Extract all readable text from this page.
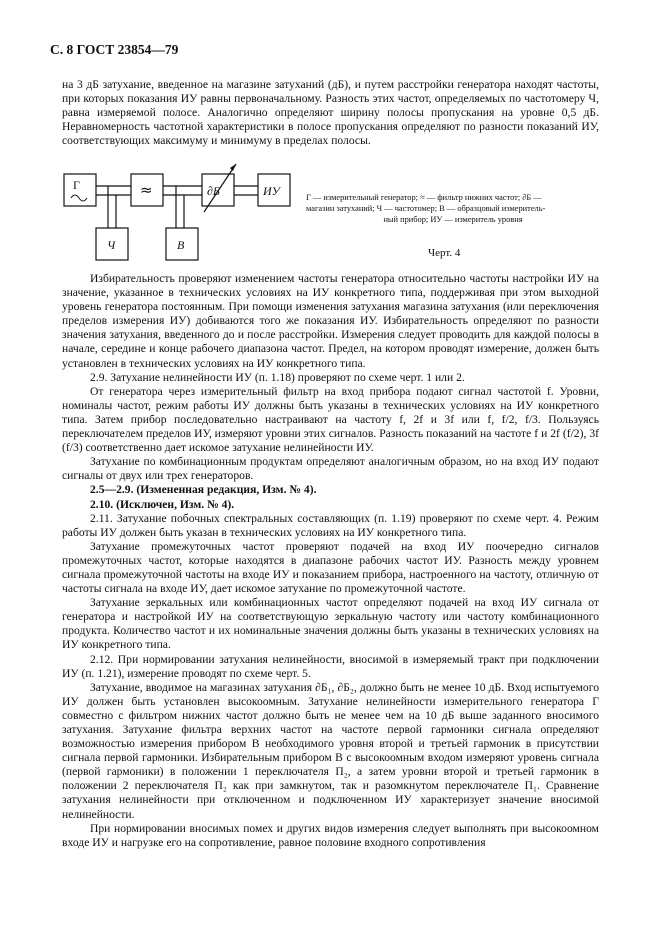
С. 8 ГОСТ 23854—79

на 3 дБ затухание, введенное на магазине затуханий (дБ), и путем расстройки генератора находят частоты, при которых показания ИУ равны первоначальному. Разность этих частот, определяемых по частотомеру Ч, равна измеряемой полосе. Аналогично определяют ширину полосы пропускания на уровне 0,5 дБ. Неравномерность частотной характеристики в полосе пропускания определяют по разности показаний ИУ, соответствующих максимуму и минимуму в пределах полосы.

Г	≈	∂Б	ИУ
Ч	В
Г — измерительный генератор; ≈ — фильтр нижних частот; ∂Б —
магазин затуханий; Ч — частотомер; В — образцовый измеритель-

ный прибор; ИУ — измеритель уровня
Черт. 4

Избирательность проверяют изменением частоты генератора относительно частоты настройки ИУ на значение, указанное в технических условиях на ИУ конкретного типа, поддерживая при этом выходной уровень генератора постоянным. При помощи изменения затухания магазина затухания (или переключения пределов измерения ИУ) добиваются того же показания ИУ. Избирательность определяют по разности значения затухания, введенного до и после расстройки. Измерения следует проводить для каждой полосы в начале, середине и конце рабочего диапазона частот. Предел, на котором проводят измерение, должен быть установлен в технических условиях на ИУ конкретного типа.

2.9. Затухание нелинейности ИУ (п. 1.18) проверяют по схеме черт. 1 или 2.

От генератора через измерительный фильтр на вход прибора подают сигнал частотой f. Уровни, номиналы частот, режим работы ИУ должны быть указаны в технических условиях на ИУ конкретного типа. Затем прибор последовательно настраивают на частоту f, 2f и 3f или f, f/2, f/3. Пользуясь переключателем пределов ИУ, измеряют уровни этих сигналов. Разность показаний на частоте f и 2f (f/2), 3f (f/3) соответственно дает искомое затухание нелинейности ИУ.

Затухание по комбинационным продуктам определяют аналогичным образом, но на вход ИУ подают сигналы от двух или трех генераторов.

2.5—2.9. (Измененная редакция, Изм. № 4).

2.10. (Исключен, Изм. № 4).

2.11. Затухание побочных спектральных составляющих (п. 1.19) проверяют по схеме черт. 4. Режим работы ИУ должен быть указан в технических условиях на ИУ конкретного типа.

Затухание промежуточных частот проверяют подачей на вход ИУ поочередно сигналов промежуточных частот, которые находятся в диапазоне рабочих частот ИУ. Разность между уровнем сигнала промежуточной частоты на входе ИУ и показанием прибора, настроенного на частоту, отличную от частоты сигнала на входе ИУ, дает искомое затухание по промежуточной частоте.

Затухание зеркальных или комбинационных частот определяют подачей на вход ИУ сигнала от генератора и настройкой ИУ на соответствующую зеркальную частоту или частоту комбинационного продукта. Количество частот и их номинальные значения должны быть указаны в технических условиях на ИУ конкретного типа.

2.12. При нормировании затухания нелинейности, вносимой в измеряемый тракт при подключении ИУ (п. 1.21), измерение проводят по схеме черт. 5.

Затухание, вводимое на магазинах затухания ∂Б₁, ∂Б₂, должно быть не менее 10 дБ. Вход испытуемого ИУ должен быть установлен высокоомным. Затухание нелинейности измерительного генератора Г совместно с фильтром нижних частот должно быть не менее чем на 10 дБ выше заданного вносимого затухания. Затухание фильтра верхних частот на частоте первой гармоники сигнала определяют возможностью измерения прибором В необходимого уровня второй и третьей гармоник в присутствии сигнала первой гармоники. Избирательным прибором В с высокоомным входом измеряют уровень сигнала (первой гармоники) в положении 1 переключателя П₂, а затем уровни второй и третьей гармоник в положении 2 переключателя П₂ как при замкнутом, так и разомкнутом переключателе П₁. Сравнение затухания нелинейности при отключенном и подключенном ИУ характеризует значение вносимой нелинейности.

При нормировании вносимых помех и других видов измерения следует выполнять при высокоомном входе ИУ и нагрузке его на сопротивление, равное половине входного сопротивления
